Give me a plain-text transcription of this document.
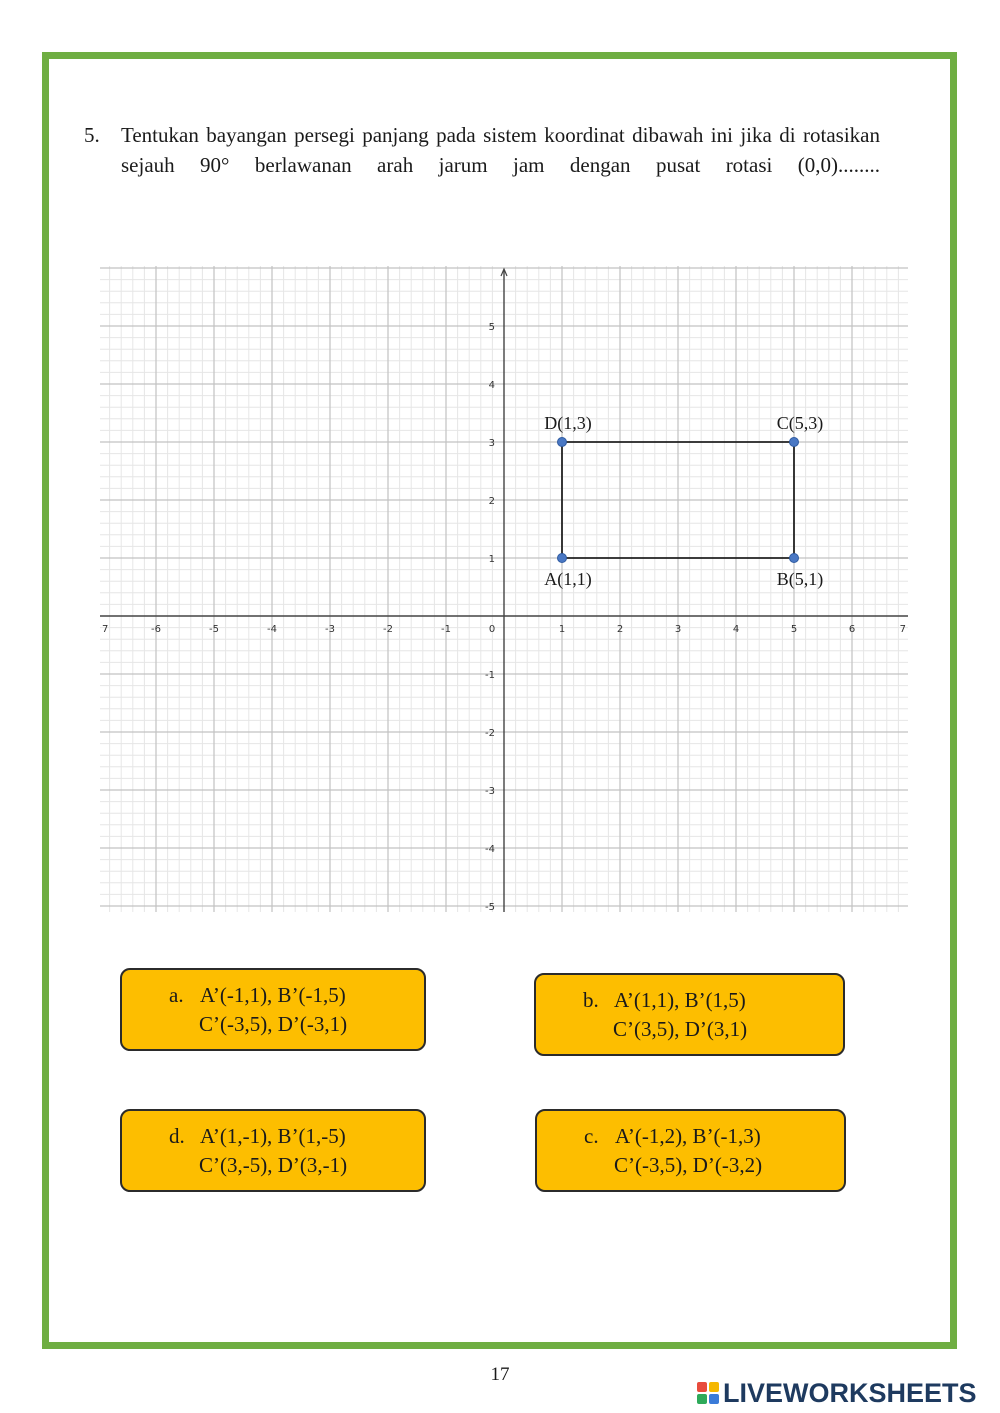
5. Tentukan bayangan persegi panjang pada sistem koordinat dibawah ini jika di rotasikan sejauh 90° berlawanan arah jarum jam dengan pusat rotasi (0,0)........
7	-6	-5	-4	-3	-2	-1	0	1	2	3	4	5	6	7
5
4
3
2
1
-1
-2
-3
-4
-5
A(1,1)	B(5,1)
C(5,3)
D(1,3)
a. A’(-1,1), B’(-1,5)
C’(-3,5), D’(-3,1)
b. A’(1,1), B’(1,5)
C’(3,5), D’(3,1)
d. A’(1,-1), B’(1,-5)
C’(3,-5), D’(3,-1)
c. A’(-1,2), B’(-1,3)
C’(-3,5), D’(-3,2)
17
LIVEWORKSHEETS
